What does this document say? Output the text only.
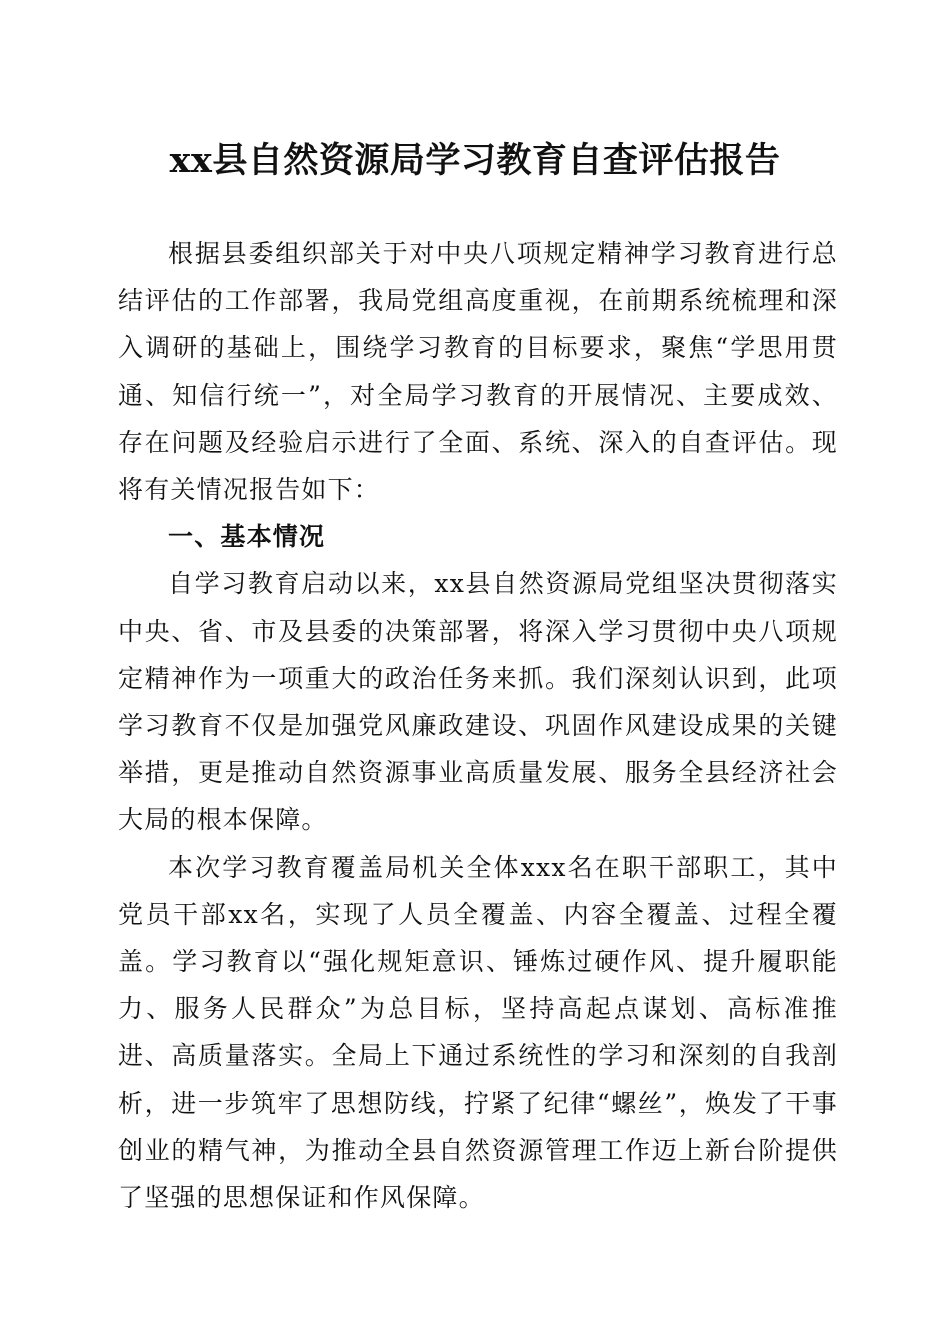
xx县自然资源局学习教育自查评估报告

根据县委组织部关于对中央八项规定精神学习教育进行总结评估的工作部署，我局党组高度重视，在前期系统梳理和深入调研的基础上，围绕学习教育的目标要求，聚焦“学思用贯通、知信行统一”，对全局学习教育的开展情况、主要成效、存在问题及经验启示进行了全面、系统、深入的自查评估。现将有关情况报告如下：

一、基本情况

自学习教育启动以来，xx县自然资源局党组坚决贯彻落实中央、省、市及县委的决策部署，将深入学习贯彻中央八项规定精神作为一项重大的政治任务来抓。我们深刻认识到，此项学习教育不仅是加强党风廉政建设、巩固作风建设成果的关键举措，更是推动自然资源事业高质量发展、服务全县经济社会大局的根本保障。

本次学习教育覆盖局机关全体xxx名在职干部职工，其中党员干部xx名，实现了人员全覆盖、内容全覆盖、过程全覆盖。学习教育以“强化规矩意识、锤炼过硬作风、提升履职能力、服务人民群众”为总目标，坚持高起点谋划、高标准推进、高质量落实。全局上下通过系统性的学习和深刻的自我剖析，进一步筑牢了思想防线，拧紧了纪律“螺丝”，焕发了干事创业的精气神，为推动全县自然资源管理工作迈上新台阶提供了坚强的思想保证和作风保障。
